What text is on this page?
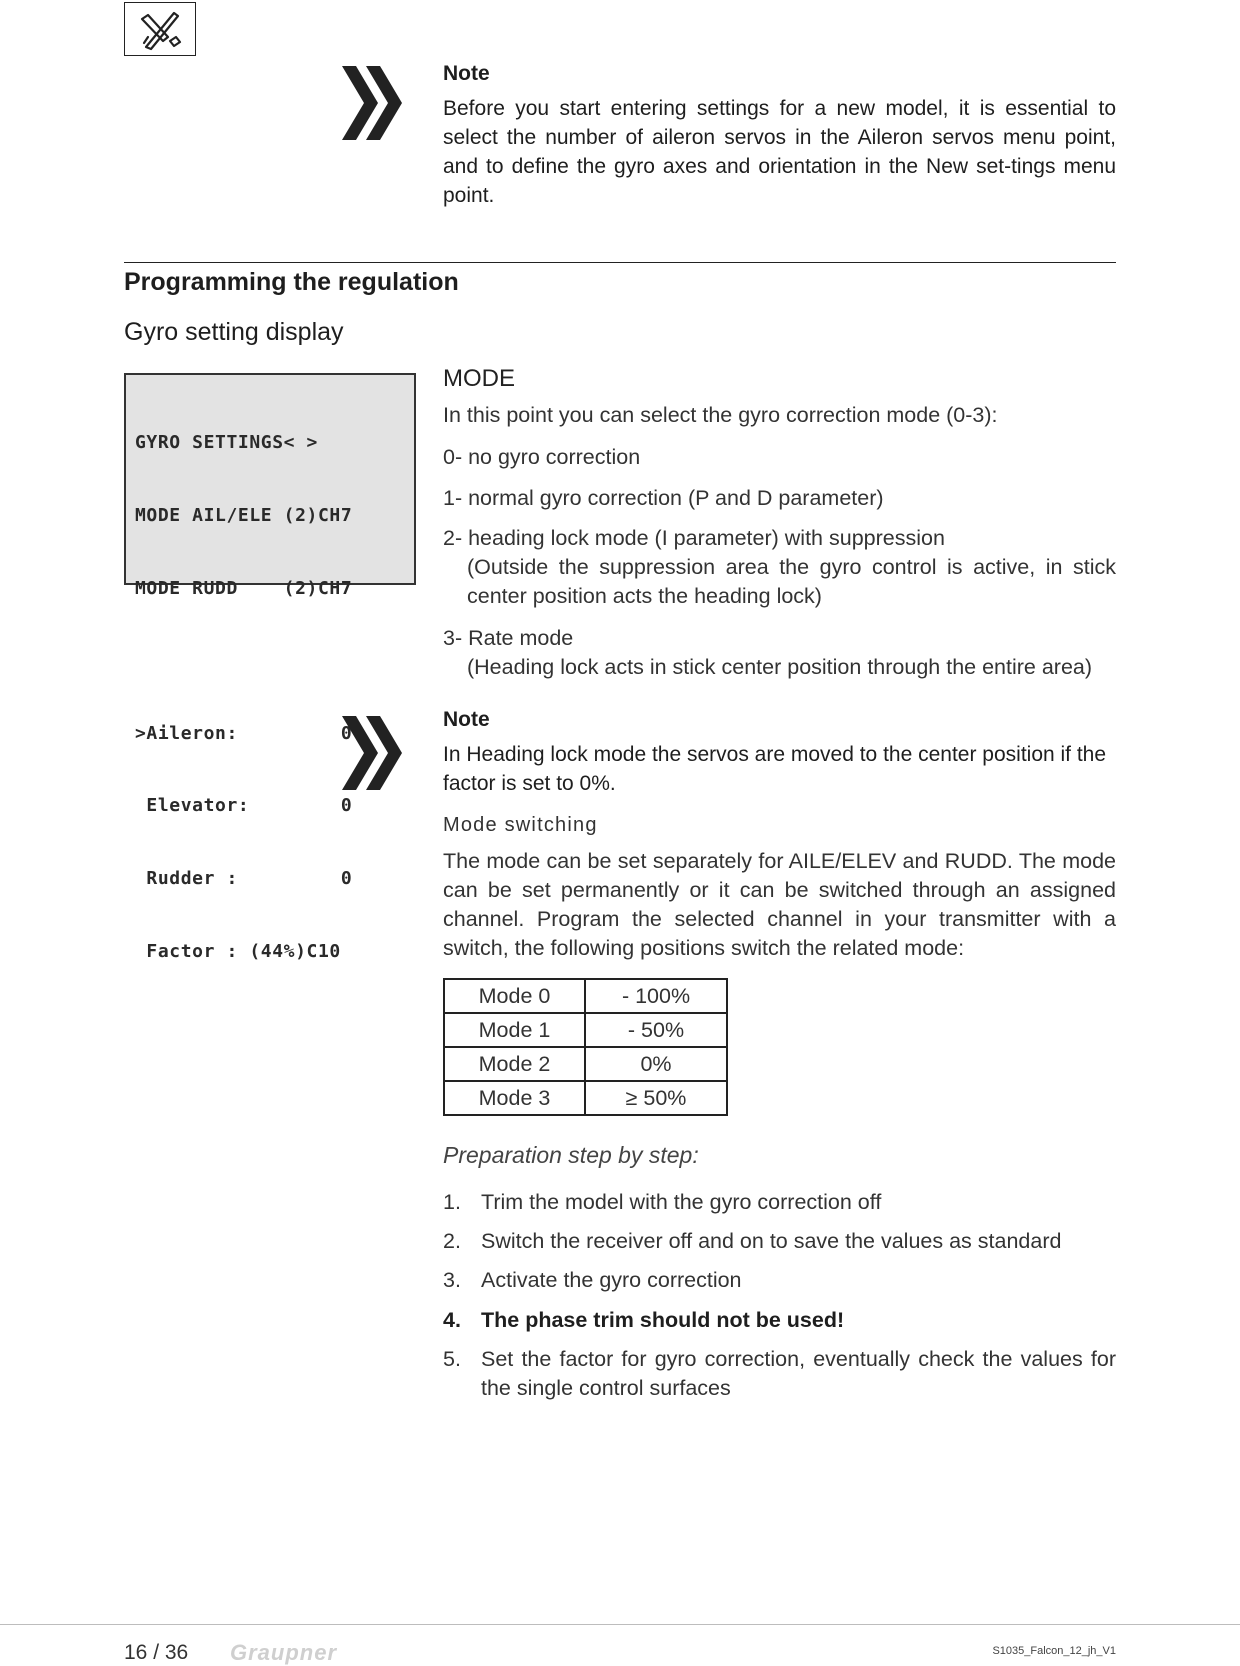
Note

Before you start entering settings for a new model, it is essential to select the number of aileron servos in the Aileron servos menu point, and to define the gyro axes and orientation in the New set-tings menu point.

Programming the regulation
Gyro setting display

GYRO SETTINGS< >

MODE AIL/ELE (2)CH7

MODE RUDD    (2)CH7

>Aileron:         0

Elevator:        0

Rudder :         0

Factor : (44%)C10

MODE

In this point you can select the gyro correction mode (0-3):

0- no gyro correction
1- normal gyro correction (P and D parameter)
2- heading lock mode (I parameter) with suppression
(Outside the suppression area the gyro control is active, in stick center position acts the heading lock)
3- Rate mode
(Heading lock acts in stick center position through the entire area)
Note

In Heading lock mode the servos are moved to the center position if the factor is set to 0%.

Mode switching

The mode can be set separately for AILE/ELEV and RUDD. The mode can be set permanently or it can be switched through an assigned channel. Program the selected channel in your transmitter with a switch, the following positions switch the related mode:

Mode 0	- 100%
Mode 1	- 50%
Mode 2	0%
Mode 3	≥ 50%
Preparation step by step:
1. Trim the model with the gyro correction off
2. Switch the receiver off and on to save the values as standard
3. Activate the gyro correction
4. The phase trim should not be used!
5. Set the factor for gyro correction, eventually check the values for the single control surfaces
16 / 36 Graupner	S1035_Falcon_12_jh_V1
